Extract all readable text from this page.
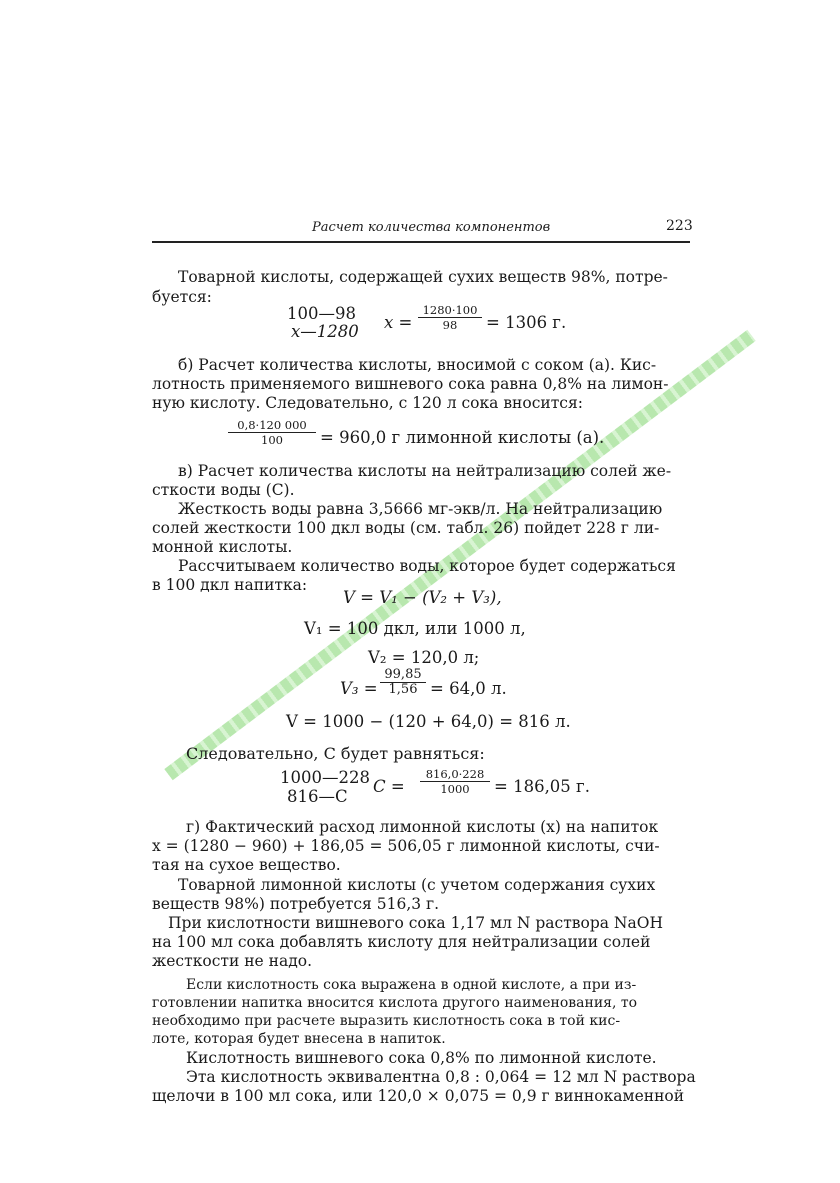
Расчет количества компонентов	223
Товарной кислоты, содержащей сухих веществ 98%, потре-
буется:
100—98
x—1280 $x = \frac{1280\cdot 100}{98} = 1306$ г.
б) Расчет количества кислоты, вносимой с соком (a). Кис-
лотность применяемого вишневого сока равна 0,8% на лимон-
ную кислоту. Следовательно, с 120 л сока вносится:
$\frac{0,8\cdot 120 000}{100} = 960,0$ г лимонной кислоты (a).
в) Расчет количества кислоты на нейтрализацию солей же-
сткости воды (C).
Жесткость воды равна 3,5666 мг-экв/л. На нейтрализацию
солей жесткости 100 дкл воды (см. табл. 26) пойдет 228 г ли-
монной кислоты.
Рассчитываем количество воды, которое будет содержаться
в 100 дкл напитка:
V = V₁ − (V₂ + V₃),
V₁ = 100 дкл, или 1000 л,
V₂ = 120,0 л;
$V_3 = \frac{99,85}{1,56} = 64,0$ л.
V = 1000 − (120 + 64,0) = 816 л.
Следовательно, C будет равняться:
1000—228
816—C
$C = \frac{816,0\cdot 228}{1000} = 186,05$ г.
г) Фактический расход лимонной кислоты (x) на напиток
x = (1280 − 960) + 186,05 = 506,05 г лимонной кислоты, счи-
тая на сухое вещество.
Товарной лимонной кислоты (с учетом содержания сухих
веществ 98%) потребуется 516,3 г.
При кислотности вишневого сока 1,17 мл N раствора NaOH
на 100 мл сока добавлять кислоту для нейтрализации солей
жесткости не надо.
Если кислотность сока выражена в одной кислоте, а при из-
готовлении напитка вносится кислота другого наименования, то
необходимо при расчете выразить кислотность сока в той кис-
лоте, которая будет внесена в напиток.
Кислотность вишневого сока 0,8% по лимонной кислоте.
Эта кислотность эквивалентна 0,8 : 0,064 = 12 мл N раствора
щелочи в 100 мл сока, или 120,0 × 0,075 = 0,9 г виннокаменной
